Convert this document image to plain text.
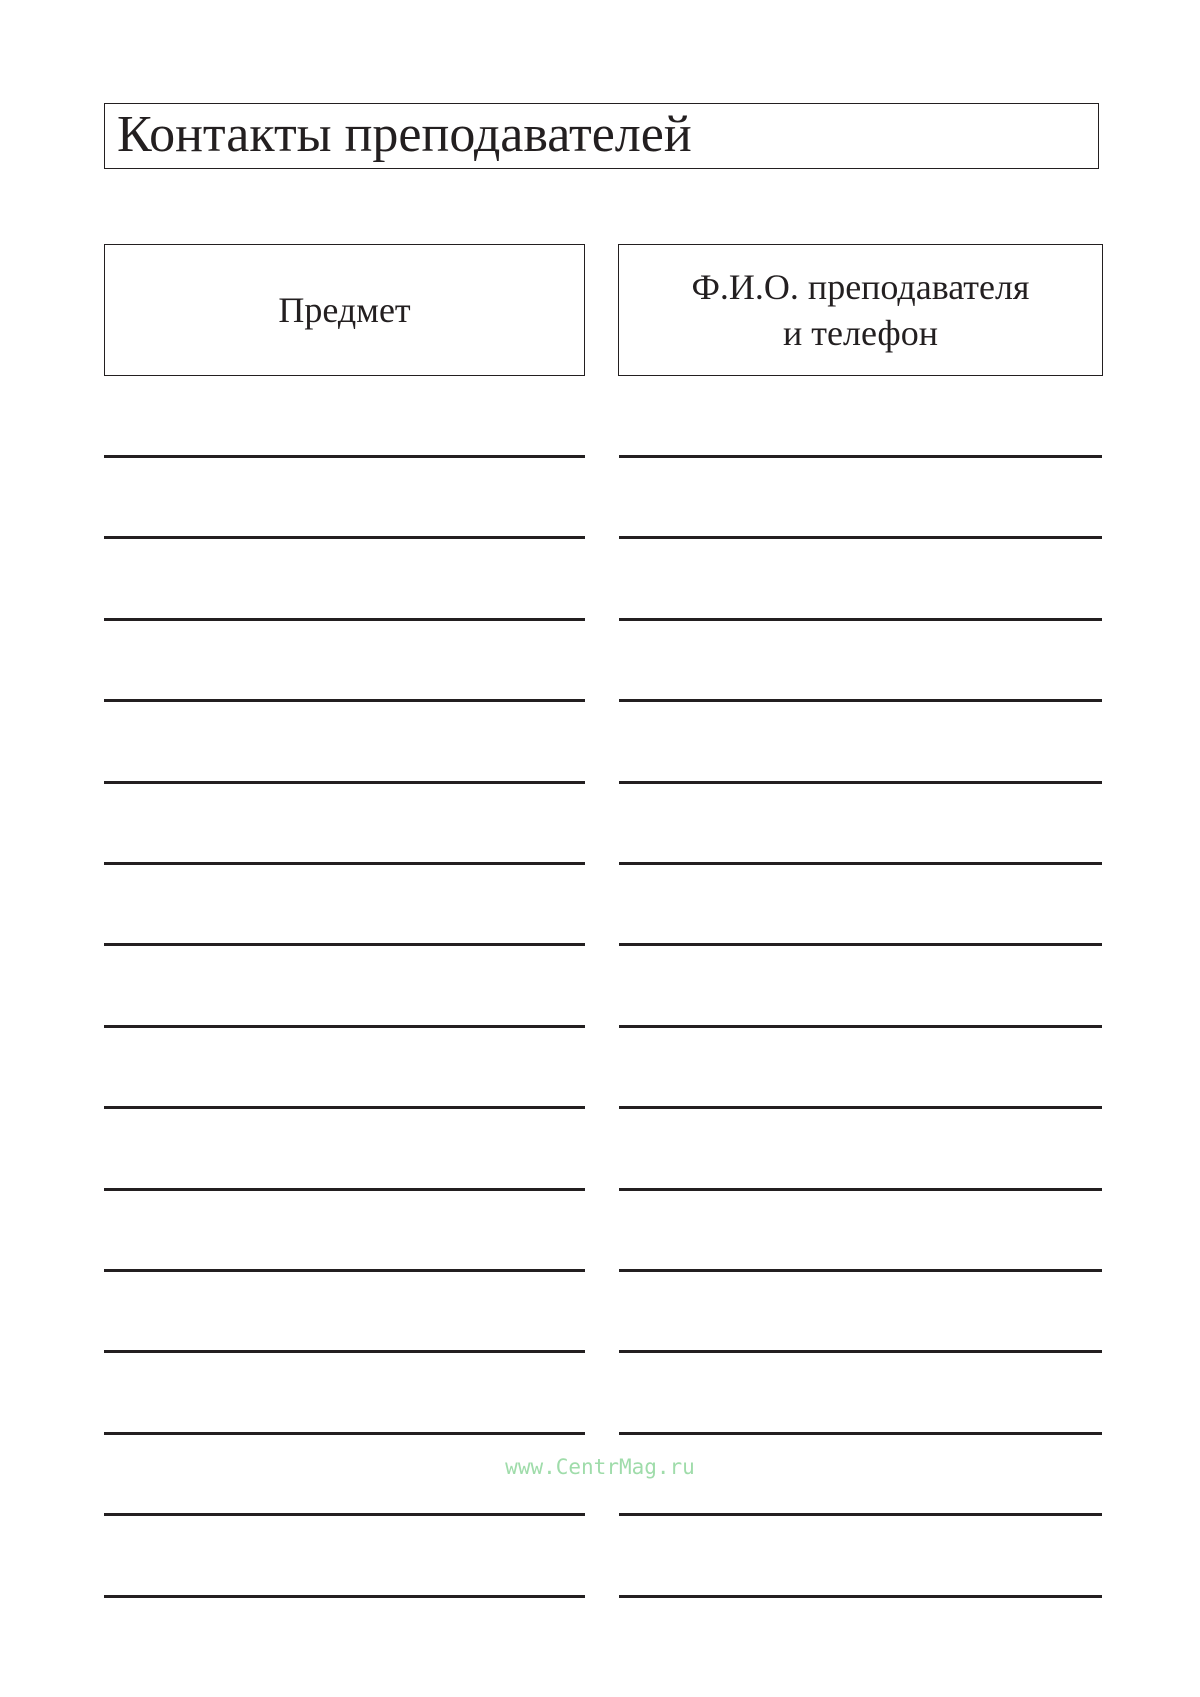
Контакты преподавателей
Предмет
Ф.И.О. преподавателя
и телефон
www.CentrMag.ru
